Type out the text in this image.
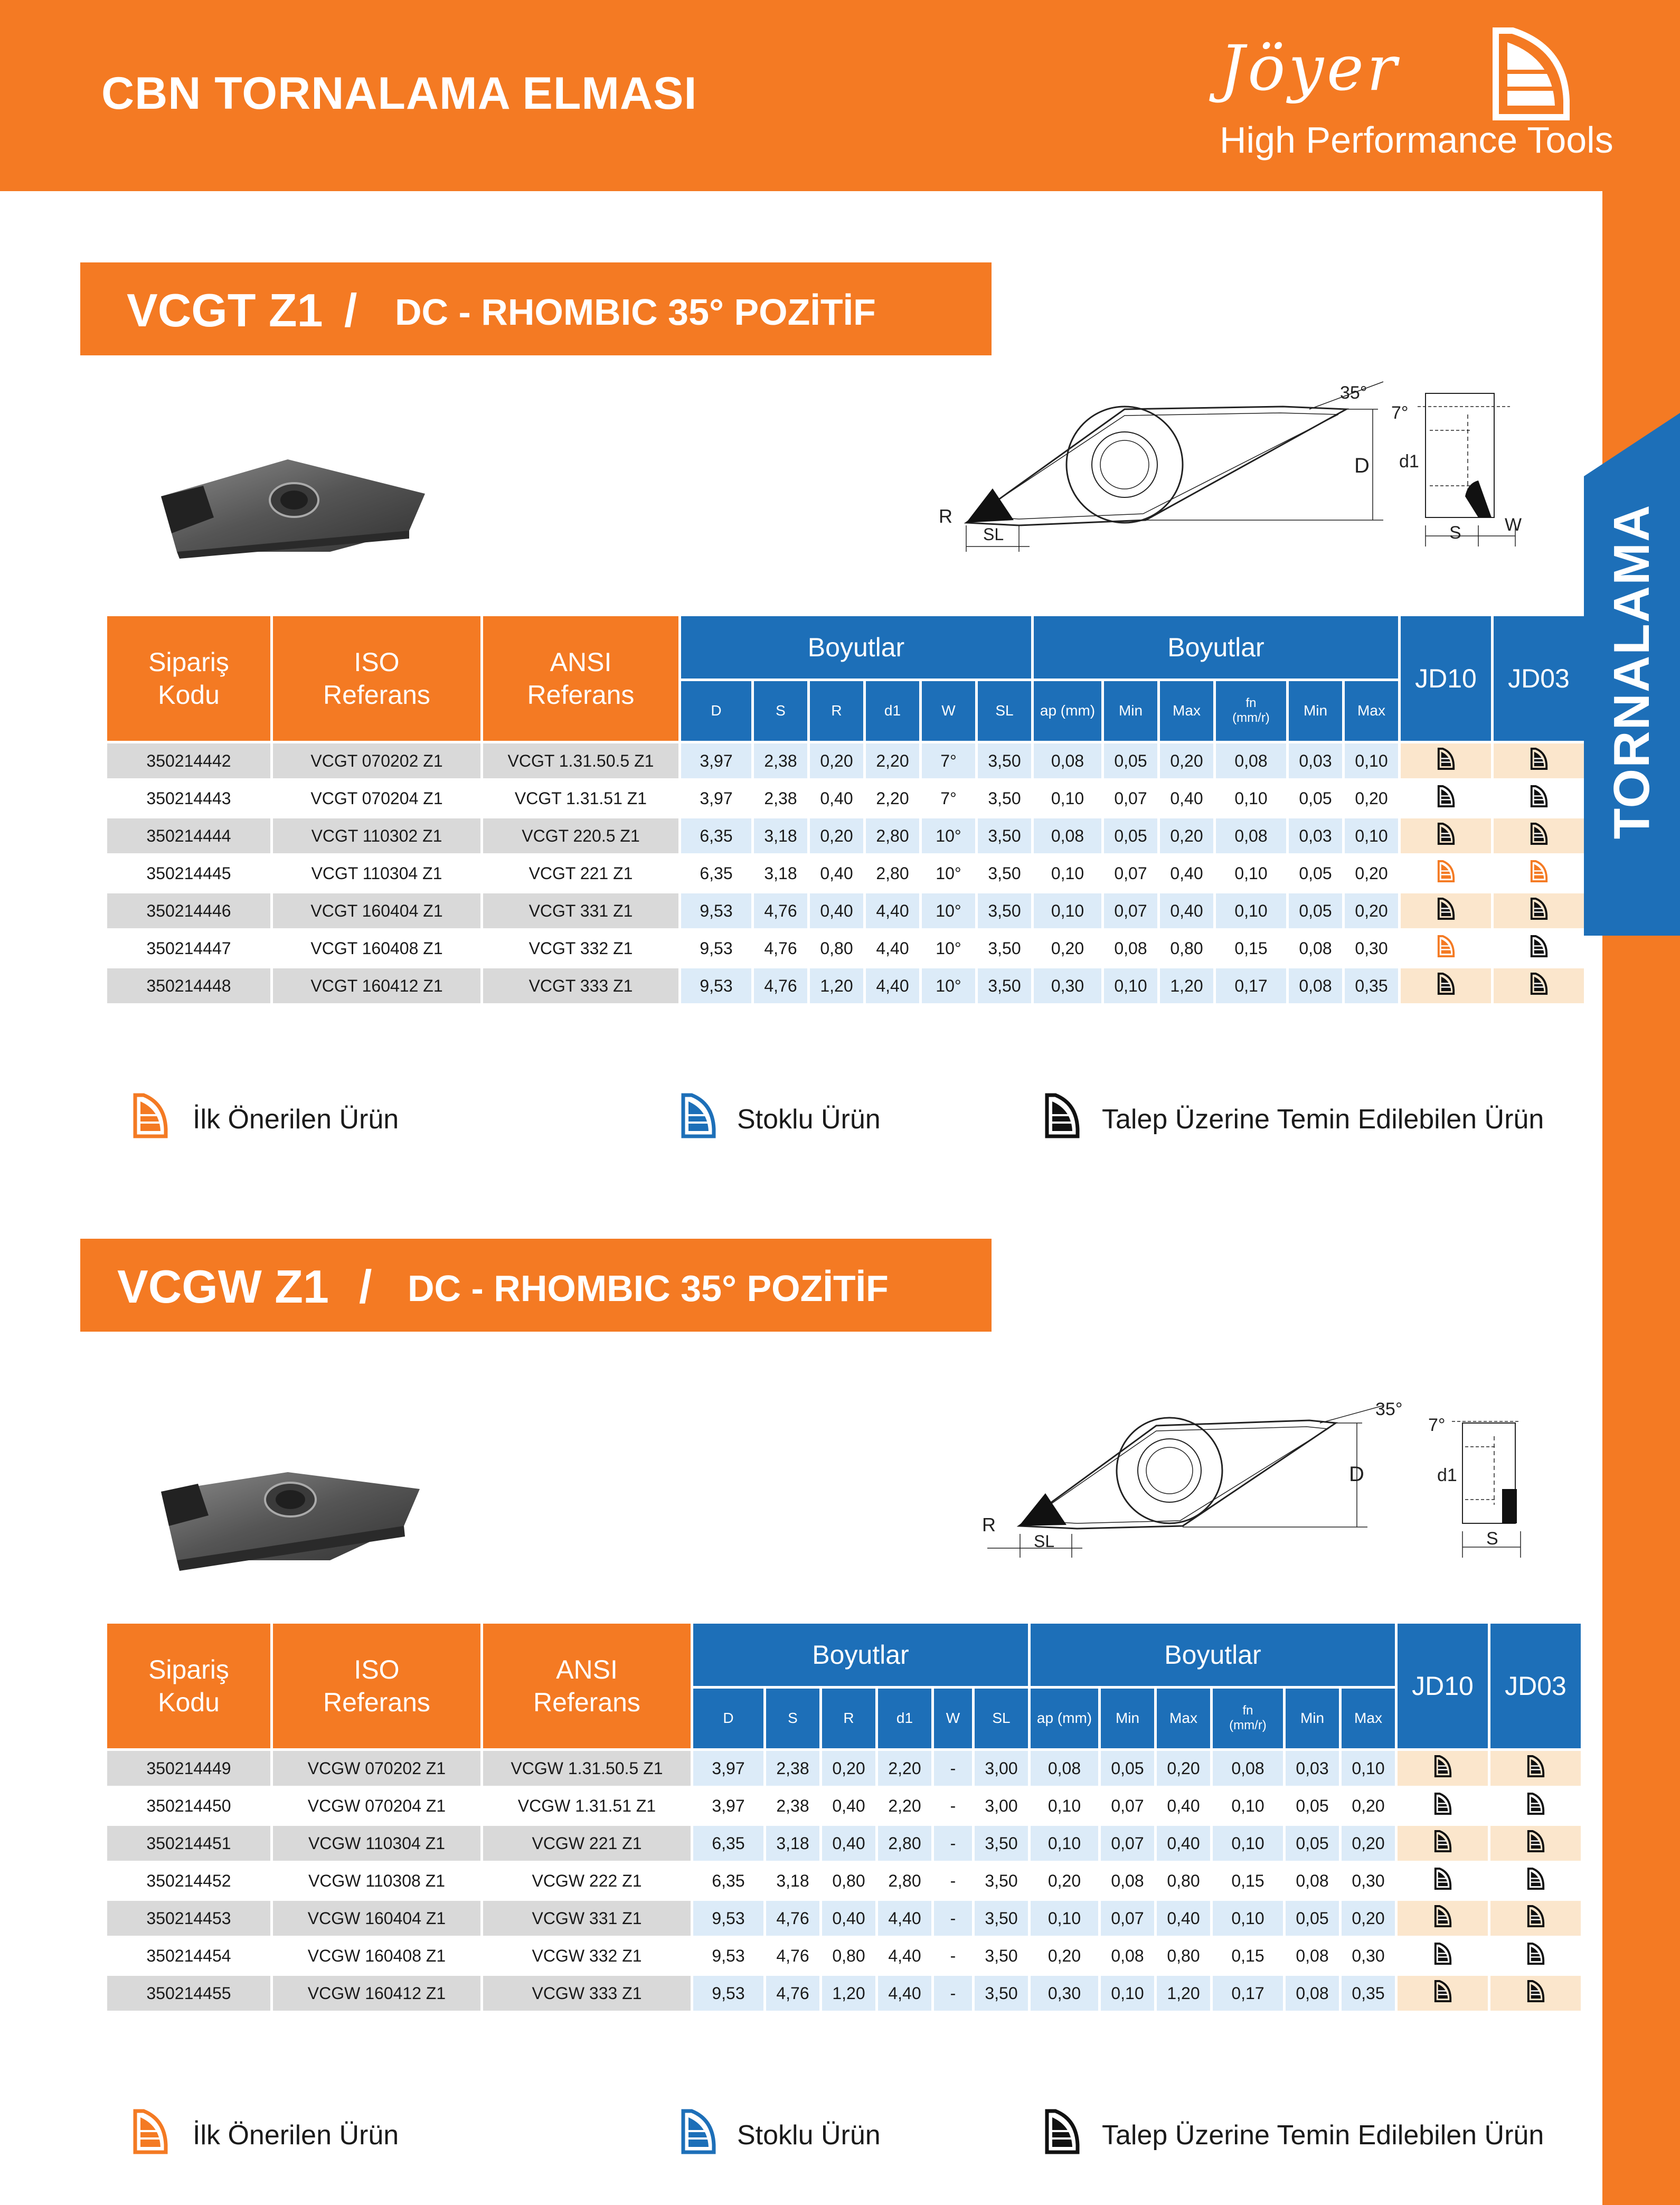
CBN TORNALAMA ELMASI	Jöyer
High Performance Tools
TORNALAMA
VCGT Z1 / DC - RHOMBIC 35° POZİTİF
35°
D
R
SL
7°
d1
S W
Sipariş
Kodu	ISO
Referans	ANSI
Referans	Boyutlar						Boyutlar						JD10	JD03
			D	S	R	d1	W	SL	ap (mm)	Min	Max	fn
(mm/r)	Min	Max		
350214442	VCGT 070202 Z1	VCGT 1.31.50.5 Z1	3,97	2,38	0,20	2,20	7°	3,50	0,08	0,05	0,20	0,08	0,03	0,10		
350214443	VCGT 070204 Z1	VCGT 1.31.51 Z1	3,97	2,38	0,40	2,20	7°	3,50	0,10	0,07	0,40	0,10	0,05	0,20		
350214444	VCGT 110302 Z1	VCGT 220.5 Z1	6,35	3,18	0,20	2,80	10°	3,50	0,08	0,05	0,20	0,08	0,03	0,10		
350214445	VCGT 110304 Z1	VCGT 221 Z1	6,35	3,18	0,40	2,80	10°	3,50	0,10	0,07	0,40	0,10	0,05	0,20		
350214446	VCGT 160404 Z1	VCGT 331 Z1	9,53	4,76	0,40	4,40	10°	3,50	0,10	0,07	0,40	0,10	0,05	0,20		
350214447	VCGT 160408 Z1	VCGT 332 Z1	9,53	4,76	0,80	4,40	10°	3,50	0,20	0,08	0,80	0,15	0,08	0,30		
350214448	VCGT 160412 Z1	VCGT 333 Z1	9,53	4,76	1,20	4,40	10°	3,50	0,30	0,10	1,20	0,17	0,08	0,35		
İlk Önerilen Ürün	Stoklu Ürün	Talep Üzerine Temin Edilebilen Ürün
VCGW Z1 / DC - RHOMBIC 35° POZİTİF
35°
D
R
SL
7°
d1
S
Sipariş
Kodu	ISO
Referans	ANSI
Referans	Boyutlar						Boyutlar						JD10	JD03
			D	S	R	d1	W	SL	ap (mm)	Min	Max	fn
(mm/r)	Min	Max		
350214449	VCGW 070202 Z1	VCGW 1.31.50.5 Z1	3,97	2,38	0,20	2,20	-	3,00	0,08	0,05	0,20	0,08	0,03	0,10		
350214450	VCGW 070204 Z1	VCGW 1.31.51 Z1	3,97	2,38	0,40	2,20	-	3,00	0,10	0,07	0,40	0,10	0,05	0,20		
350214451	VCGW 110304 Z1	VCGW 221 Z1	6,35	3,18	0,40	2,80	-	3,50	0,10	0,07	0,40	0,10	0,05	0,20		
350214452	VCGW 110308 Z1	VCGW 222 Z1	6,35	3,18	0,80	2,80	-	3,50	0,20	0,08	0,80	0,15	0,08	0,30		
350214453	VCGW 160404 Z1	VCGW 331 Z1	9,53	4,76	0,40	4,40	-	3,50	0,10	0,07	0,40	0,10	0,05	0,20		
350214454	VCGW 160408 Z1	VCGW 332 Z1	9,53	4,76	0,80	4,40	-	3,50	0,20	0,08	0,80	0,15	0,08	0,30		
350214455	VCGW 160412 Z1	VCGW 333 Z1	9,53	4,76	1,20	4,40	-	3,50	0,30	0,10	1,20	0,17	0,08	0,35		
İlk Önerilen Ürün	Stoklu Ürün	Talep Üzerine Temin Edilebilen Ürün
